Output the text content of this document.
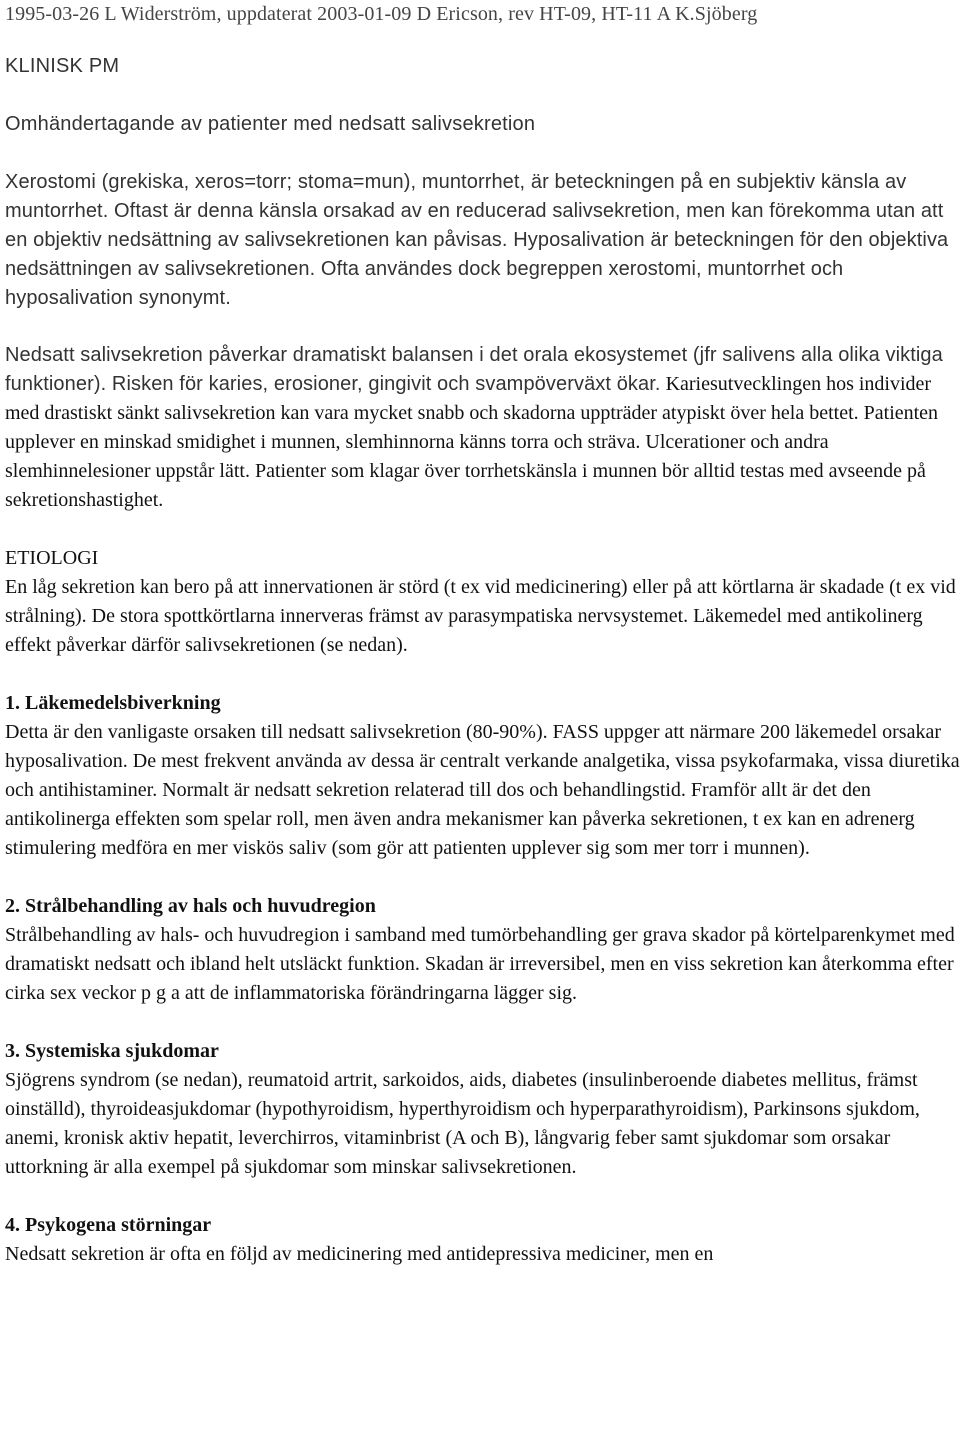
1995-03-26 L Widerström, uppdaterat 2003-01-09 D Ericson, rev HT-09, HT-11 A K.Sjöberg
KLINISK PM
Omhändertagande av patienter med nedsatt salivsekretion

Xerostomi (grekiska, xeros=torr; stoma=mun), muntorrhet, är beteckningen på en subjektiv känsla av muntorrhet. Oftast är denna känsla orsakad av en reducerad salivsekretion, men kan förekomma utan att en objektiv nedsättning av salivsekretionen kan påvisas. Hyposalivation är beteckningen för den objektiva nedsättningen av salivsekretionen. Ofta användes dock begreppen xerostomi, muntorrhet och hyposalivation synonymt.

Nedsatt salivsekretion påverkar dramatiskt balansen i det orala ekosystemet (jfr salivens alla olika viktiga funktioner). Risken för karies, erosioner, gingivit och svampöverväxt ökar. Kariesutvecklingen hos individer med drastiskt sänkt salivsekretion kan vara mycket snabb och skadorna uppträder atypiskt över hela bettet. Patienten upplever en minskad smidighet i munnen, slemhinnorna känns torra och sträva. Ulcerationer och andra slemhinnelesioner uppstår lätt. Patienter som klagar över torrhetskänsla i munnen bör alltid testas med avseende på sekretionshastighet.

ETIOLOGI

En låg sekretion kan bero på att innervationen är störd (t ex vid medicinering) eller på att körtlarna är skadade (t ex vid strålning). De stora spottkörtlarna innerveras främst av parasympatiska nervsystemet. Läkemedel med antikolinerg effekt påverkar därför salivsekretionen (se nedan).

1. Läkemedelsbiverkning

Detta är den vanligaste orsaken till nedsatt salivsekretion (80-90%). FASS uppger att närmare 200 läkemedel orsakar hyposalivation. De mest frekvent använda av dessa är centralt verkande analgetika, vissa psykofarmaka, vissa diuretika och antihistaminer. Normalt är nedsatt sekretion relaterad till dos och behandlingstid. Framför allt är det den antikolinerga effekten som spelar roll, men även andra mekanismer kan påverka sekretionen, t ex kan en adrenerg stimulering medföra en mer viskös saliv (som gör att patienten upplever sig som mer torr i munnen).

2. Strålbehandling av hals och huvudregion

Strålbehandling av hals- och huvudregion i samband med tumörbehandling ger grava skador på körtelparenkymet med dramatiskt nedsatt och ibland helt utsläckt funktion. Skadan är irreversibel, men en viss sekretion kan återkomma efter cirka sex veckor p g a att de inflammatoriska förändringarna lägger sig.

3. Systemiska sjukdomar

Sjögrens syndrom (se nedan), reumatoid artrit, sarkoidos, aids, diabetes (insulinberoende diabetes mellitus, främst oinställd), thyroideasjukdomar (hypothyroidism, hyperthyroidism och hyperparathyroidism), Parkinsons sjukdom, anemi, kronisk aktiv hepatit, leverchirros, vitaminbrist (A och B), långvarig feber samt sjukdomar som orsakar uttorkning är alla exempel på sjukdomar som minskar salivsekretionen.

4. Psykogena störningar

Nedsatt sekretion är ofta en följd av medicinering med antidepressiva mediciner, men en
